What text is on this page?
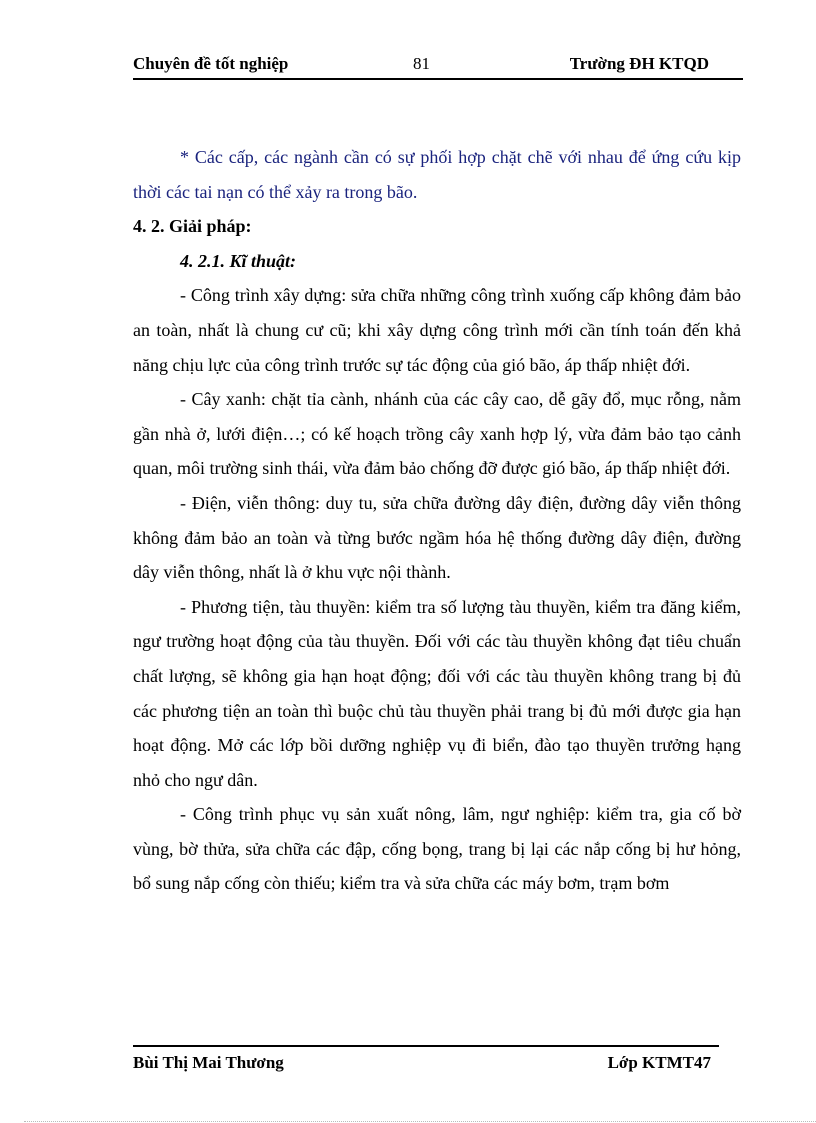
Chuyên đề tốt nghiệp	81	Trường ĐH KTQD

* Các cấp, các ngành cần có sự phối hợp chặt chẽ với nhau để ứng cứu kịp thời các tai nạn có thể xảy ra trong bão.

4. 2. Giải pháp:

4. 2.1. Kĩ thuật:

- Công trình xây dựng: sửa chữa những công trình xuống cấp không đảm bảo an toàn, nhất là chung cư cũ; khi xây dựng công trình mới cần tính toán đến khả năng chịu lực của công trình trước sự tác động của gió bão, áp thấp nhiệt đới.

- Cây xanh: chặt tỉa cành, nhánh của các cây cao, dễ gãy đổ, mục rỗng, nằm gần nhà ở, lưới điện…; có kế hoạch trồng cây xanh hợp lý, vừa đảm bảo tạo cảnh quan, môi trường sinh thái, vừa đảm bảo chống đỡ được gió bão, áp thấp nhiệt đới.

- Điện, viễn thông: duy tu, sửa chữa đường dây điện, đường dây viễn thông không đảm bảo an toàn và từng bước ngầm hóa hệ thống đường dây điện, đường dây viễn thông, nhất là ở khu vực nội thành.

- Phương tiện, tàu thuyền: kiểm tra số lượng tàu thuyền, kiểm tra đăng kiểm, ngư trường hoạt động của tàu thuyền. Đối với các tàu thuyền không đạt tiêu chuẩn chất lượng, sẽ không gia hạn hoạt động; đối với các tàu thuyền không trang bị đủ các phương tiện an toàn thì buộc chủ tàu thuyền phải trang bị đủ mới được gia hạn hoạt động. Mở các lớp bồi dưỡng nghiệp vụ đi biển, đào tạo thuyền trưởng hạng nhỏ cho ngư dân.

- Công trình phục vụ sản xuất nông, lâm, ngư nghiệp: kiểm tra, gia cố bờ vùng, bờ thửa, sửa chữa các đập, cống bọng, trang bị lại các nắp cống bị hư hỏng, bổ sung nắp cống còn thiếu; kiểm tra và sửa chữa các máy bơm, trạm bơm

Bùi Thị Mai Thương	Lớp KTMT47
